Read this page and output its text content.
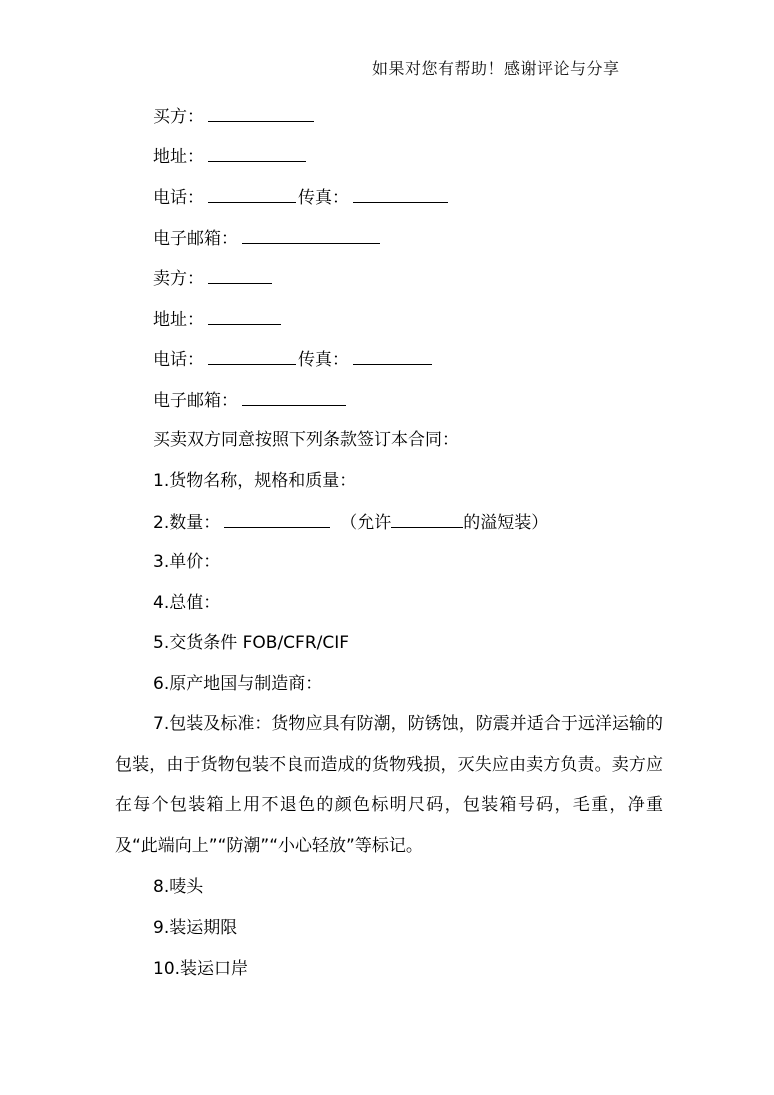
如果对您有帮助！感谢评论与分享
买方：
地址：
电话：	传真：
电子邮箱：
卖方：
地址：
电话：	传真：
电子邮箱：
买卖双方同意按照下列条款签订本合同：
1.货物名称，规格和质量：
2.数量：	（允许	的溢短装）
3.单价：
4.总值：
5.交货条件 FOB/CFR/CIF
6.原产地国与制造商：
7.包装及标准：货物应具有防潮，防锈蚀，防震并适合于远洋运输的包装，由于货物包装不良而造成的货物残损，灭失应由卖方负责。卖方应在每个包装箱上用不退色的颜色标明尺码，包装箱号码，毛重，净重及“此端向上”“防潮”“小心轻放”等标记。
8.唛头
9.装运期限
10.装运口岸
